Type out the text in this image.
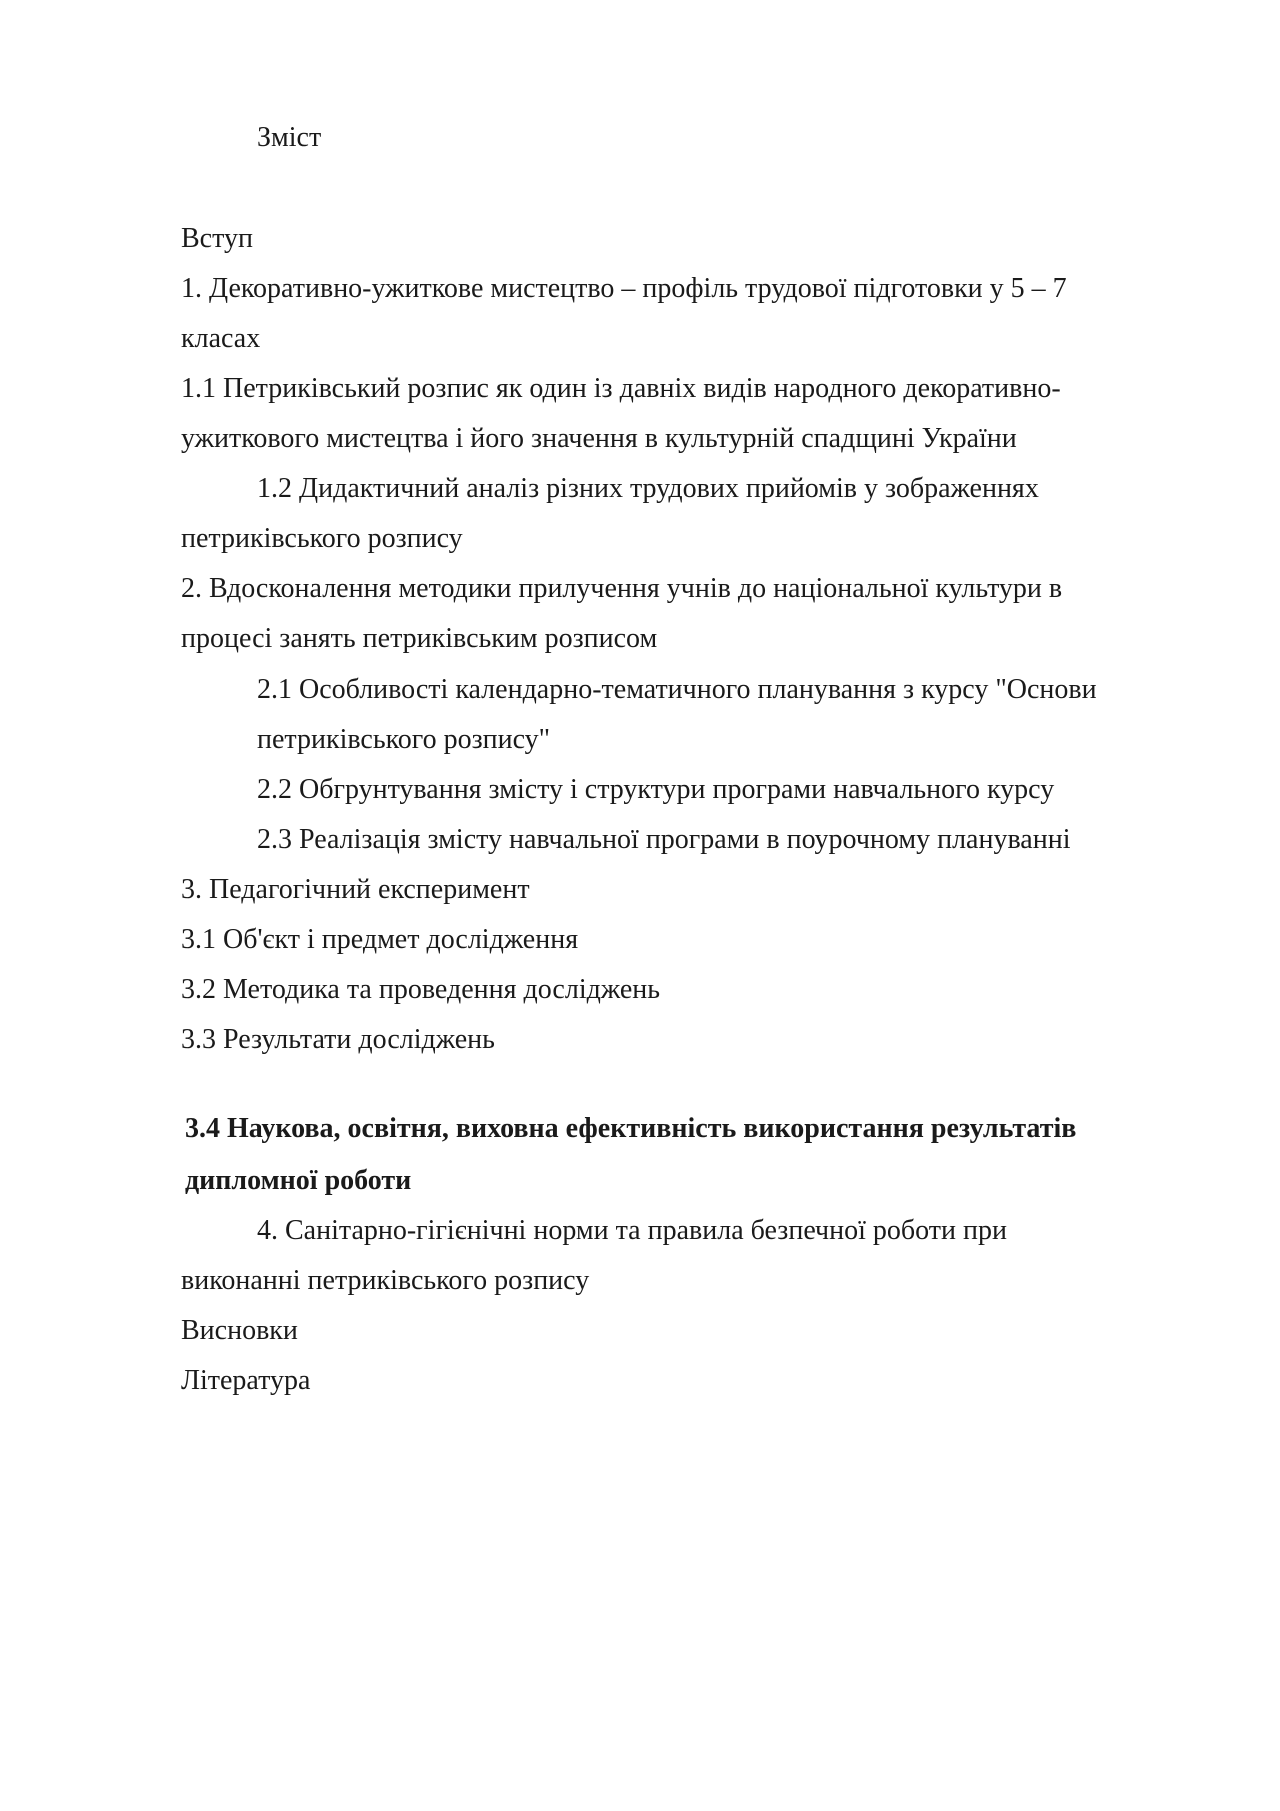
Зміст
Вступ
1. Декоративно-ужиткове мистецтво – профіль трудової підготовки у 5 – 7
класах
1.1 Петриківський розпис як один із давніх видів народного декоративно-
ужиткового мистецтва і його значення в культурній спадщині України
1.2 Дидактичний аналіз різних трудових прийомів у зображеннях
петриківського розпису
2. Вдосконалення методики прилучення учнів до національної культури в
процесі занять петриківським розписом
2.1 Особливості календарно-тематичного планування з курсу "Основи
петриківського розпису"
2.2 Обгрунтування змісту і структури програми навчального курсу
2.3 Реалізація змісту навчальної програми в поурочному плануванні
3. Педагогічний експеримент
3.1 Об'єкт і предмет дослідження
3.2 Методика та проведення досліджень
3.3 Результати досліджень
3.4 Наукова, освітня, виховна ефективність використання результатів
дипломної роботи
4. Санітарно-гігієнічні норми та правила безпечної роботи при
виконанні петриківського розпису
Висновки
Література
